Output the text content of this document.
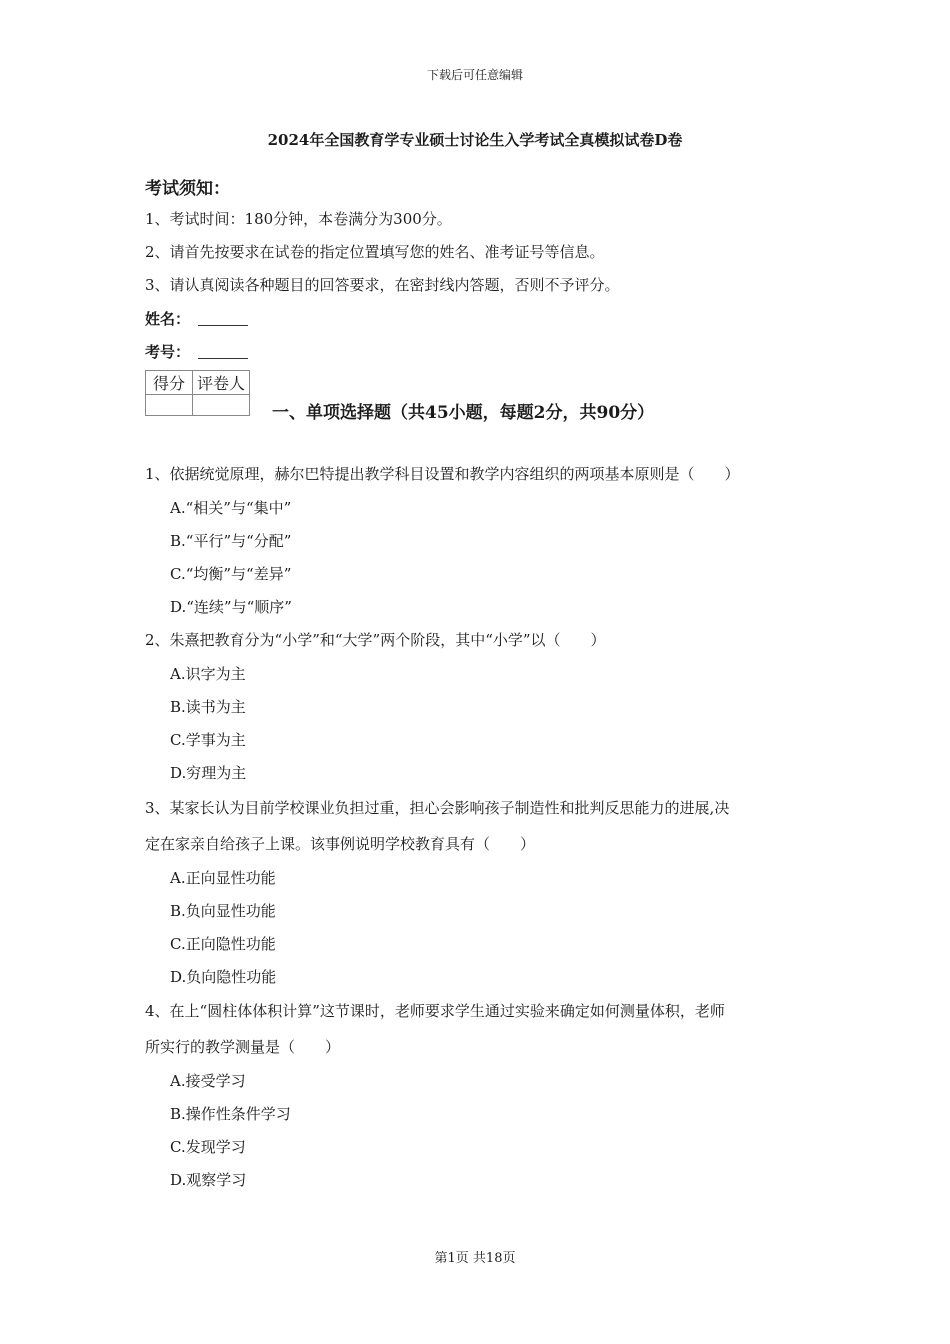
下载后可任意编辑
2024年全国教育学专业硕士讨论生入学考试全真模拟试卷D卷
考试须知：
1、考试时间：180分钟，本卷满分为300分。
2、请首先按要求在试卷的指定位置填写您的姓名、准考证号等信息。
3、请认真阅读各种题目的回答要求，在密封线内答题，否则不予评分。
姓名：
考号：
得分	评卷人

一、单项选择题（共45小题，每题2分，共90分）
1、依据统觉原理，赫尔巴特提出教学科目设置和教学内容组织的两项基本原则是（　　）
A.“相关”与“集中”
B.“平行”与“分配”
C.“均衡”与“差异”
D.“连续”与“顺序”
2、朱熹把教育分为“小学”和“大学”两个阶段，其中“小学”以（　　）
A.识字为主
B.读书为主
C.学事为主
D.穷理为主
3、某家长认为目前学校课业负担过重，担心会影响孩子制造性和批判反思能力的进展,决
定在家亲自给孩子上课。该事例说明学校教育具有（　　）
A.正向显性功能
B.负向显性功能
C.正向隐性功能
D.负向隐性功能
4、在上“圆柱体体积计算”这节课时，老师要求学生通过实验来确定如何测量体积，老师
所实行的教学测量是（　　）
A.接受学习
B.操作性条件学习
C.发现学习
D.观察学习
第1页 共18页
